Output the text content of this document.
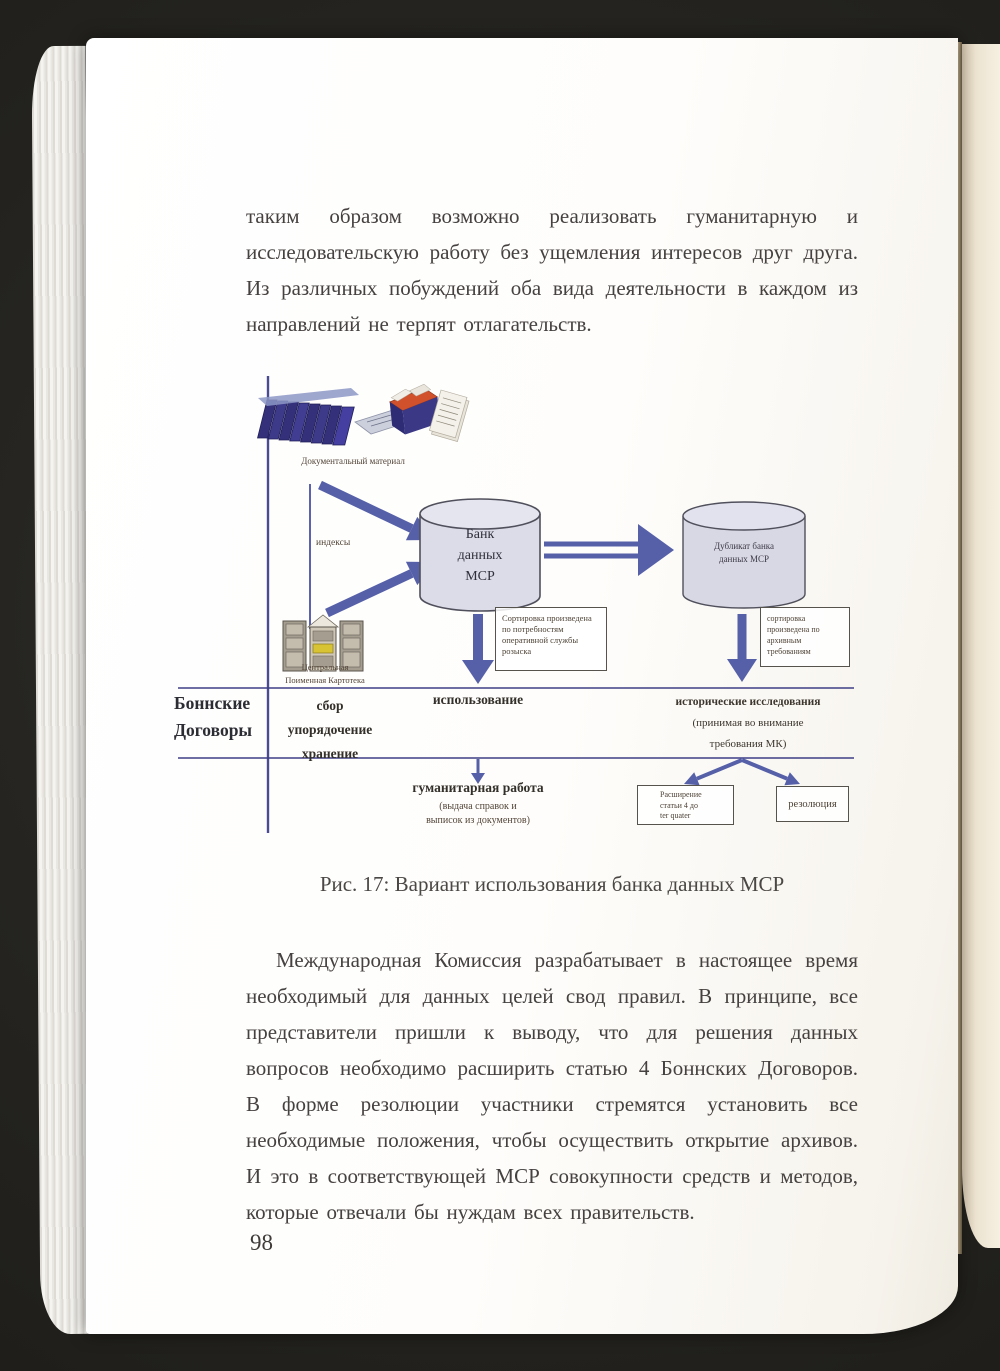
таким образом возможно реализовать гуманитарную и исследовательскую работу без ущемления интересов друг друга. Из различных побуждений оба вида деятельности в каждом из направлений не терпят отлагательств.

Документальный материал
индексы
Банк
данных
МСР
Дубликат банка
данных МСР
Сортировка произведена
по потребностям
оперативной службы
розыска
сортировка
произведена по
архивным
требованиям
Центральная
Поименная Картотека
Боннские
Договоры
сбор
упорядочение
хранение
использование	исторические исследования
(принимая во внимание
требования МК)
гуманитарная работа
(выдача справок и
выписок из документов)
Расширение
статьи 4 до
ter quater
резолюция

Рис. 17: Вариант использования банка данных МСР

Международная Комиссия разрабатывает в настоящее время необходимый для данных целей свод правил. В принципе, все представители пришли к выводу, что для решения данных вопросов необходимо расширить статью 4 Боннских Договоров. В форме резолюции участники стремятся установить все необходимые положения, чтобы осуществить открытие архивов. И это в соответствующей МСР совокупности средств и методов, которые отвечали бы нуждам всех правительств.

98
